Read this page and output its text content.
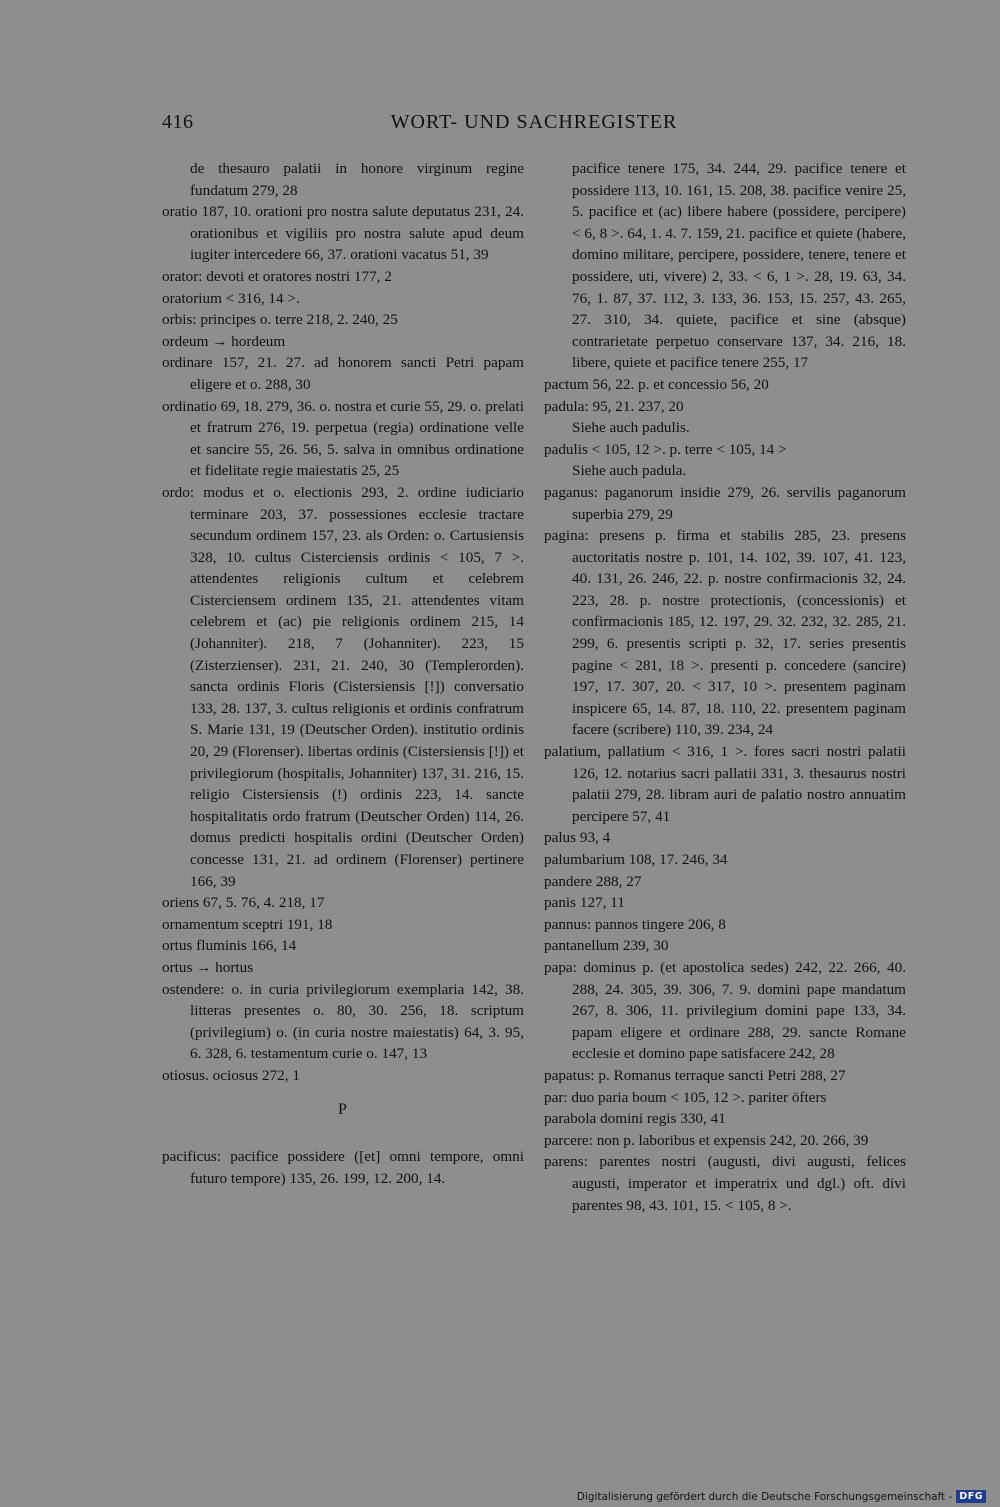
416	WORT- UND SACHREGISTER

de thesauro palatii in honore virginum regine fundatum 279, 28

oratio 187, 10. orationi pro nostra salute deputatus 231, 24. orationibus et vigiliis pro nostra salute apud deum iugiter intercedere 66, 37. orationi vacatus 51, 39

orator: devoti et oratores nostri 177, 2

oratorium < 316, 14 >.

orbis: principes o. terre 218, 2. 240, 25

ordeum → hordeum

ordinare 157, 21. 27. ad honorem sancti Petri papam eligere et o. 288, 30

ordinatio 69, 18. 279, 36. o. nostra et curie 55, 29. o. prelati et fratrum 276, 19. perpetua (regia) ordinatione velle et sancire 55, 26. 56, 5. salva in omnibus ordinatione et fidelitate regie maiestatis 25, 25

ordo: modus et o. electionis 293, 2. ordine iudiciario terminare 203, 37. possessiones ecclesie tractare secundum ordinem 157, 23. als Orden: o. Cartusiensis 328, 10. cultus Cisterciensis ordinis < 105, 7 >. attendentes religionis cultum et celebrem Cisterciensem ordinem 135, 21. attendentes vitam celebrem et (ac) pie religionis ordinem 215, 14 (Johanniter). 218, 7 (Johanniter). 223, 15 (Zisterzienser). 231, 21. 240, 30 (Templerorden). sancta ordinis Floris (Cistersiensis [!]) conversatio 133, 28. 137, 3. cultus religionis et ordinis confratrum S. Marie 131, 19 (Deutscher Orden). institutio ordinis 20, 29 (Florenser). libertas ordinis (Cistersiensis [!]) et privilegiorum (hospitalis, Johanniter) 137, 31. 216, 15. religio Cistersiensis (!) ordinis 223, 14. sancte hospitalitatis ordo fratrum (Deutscher Orden) 114, 26. domus predicti hospitalis ordini (Deutscher Orden) concesse 131, 21. ad ordinem (Florenser) pertinere 166, 39

oriens 67, 5. 76, 4. 218, 17

ornamentum sceptri 191, 18

ortus fluminis 166, 14

ortus → hortus

ostendere: o. in curia privilegiorum exemplaria 142, 38. litteras presentes o. 80, 30. 256, 18. scriptum (privilegium) o. (in curia nostre maiestatis) 64, 3. 95, 6. 328, 6. testamentum curie o. 147, 13

otiosus. ociosus 272, 1

P

pacificus: pacifice possidere ([et] omni tempore, omni futuro tempore) 135, 26. 199, 12. 200, 14.

pacifice tenere 175, 34. 244, 29. pacifice tenere et possidere 113, 10. 161, 15. 208, 38. pacifice venire 25, 5. pacifice et (ac) libere habere (possidere, percipere) < 6, 8 >. 64, 1. 4. 7. 159, 21. pacifice et quiete (habere, domino militare, percipere, possidere, tenere, tenere et possidere, uti, vivere) 2, 33. < 6, 1 >. 28, 19. 63, 34. 76, 1. 87, 37. 112, 3. 133, 36. 153, 15. 257, 43. 265, 27. 310, 34. quiete, pacifice et sine (absque) contrarietate perpetuo conservare 137, 34. 216, 18. libere, quiete et pacifice tenere 255, 17

pactum 56, 22. p. et concessio 56, 20

padula: 95, 21. 237, 20

Siehe auch padulis.

padulis < 105, 12 >. p. terre < 105, 14 >

Siehe auch padula.

paganus: paganorum insidie 279, 26. servilis paganorum superbia 279, 29

pagina: presens p. firma et stabilis 285, 23. presens auctoritatis nostre p. 101, 14. 102, 39. 107, 41. 123, 40. 131, 26. 246, 22. p. nostre confirmacionis 32, 24. 223, 28. p. nostre protectionis, (concessionis) et confirmacionis 185, 12. 197, 29. 32. 232, 32. 285, 21. 299, 6. presentis scripti p. 32, 17. series presentis pagine < 281, 18 >. presenti p. concedere (sancire) 197, 17. 307, 20. < 317, 10 >. presentem paginam inspicere 65, 14. 87, 18. 110, 22. presentem paginam facere (scribere) 110, 39. 234, 24

palatium, pallatium < 316, 1 >. fores sacri nostri palatii 126, 12. notarius sacri pallatii 331, 3. thesaurus nostri palatii 279, 28. libram auri de palatio nostro annuatim percipere 57, 41

palus 93, 4

palumbarium 108, 17. 246, 34

pandere 288, 27

panis 127, 11

pannus: pannos tingere 206, 8

pantanellum 239, 30

papa: dominus p. (et apostolica sedes) 242, 22. 266, 40. 288, 24. 305, 39. 306, 7. 9. domini pape mandatum 267, 8. 306, 11. privilegium domini pape 133, 34. papam eligere et ordinare 288, 29. sancte Romane ecclesie et domino pape satisfacere 242, 28

papatus: p. Romanus terraque sancti Petri 288, 27

par: duo paria boum < 105, 12 >. pariter öfters

parabola domini regis 330, 41

parcere: non p. laboribus et expensis 242, 20. 266, 39

parens: parentes nostri (augusti, divi augusti, felices augusti, imperator et imperatrix und dgl.) oft. divi parentes 98, 43. 101, 15. < 105, 8 >.

Digitalisierung gefördert durch die Deutsche Forschungsgemeinschaft - DFG
